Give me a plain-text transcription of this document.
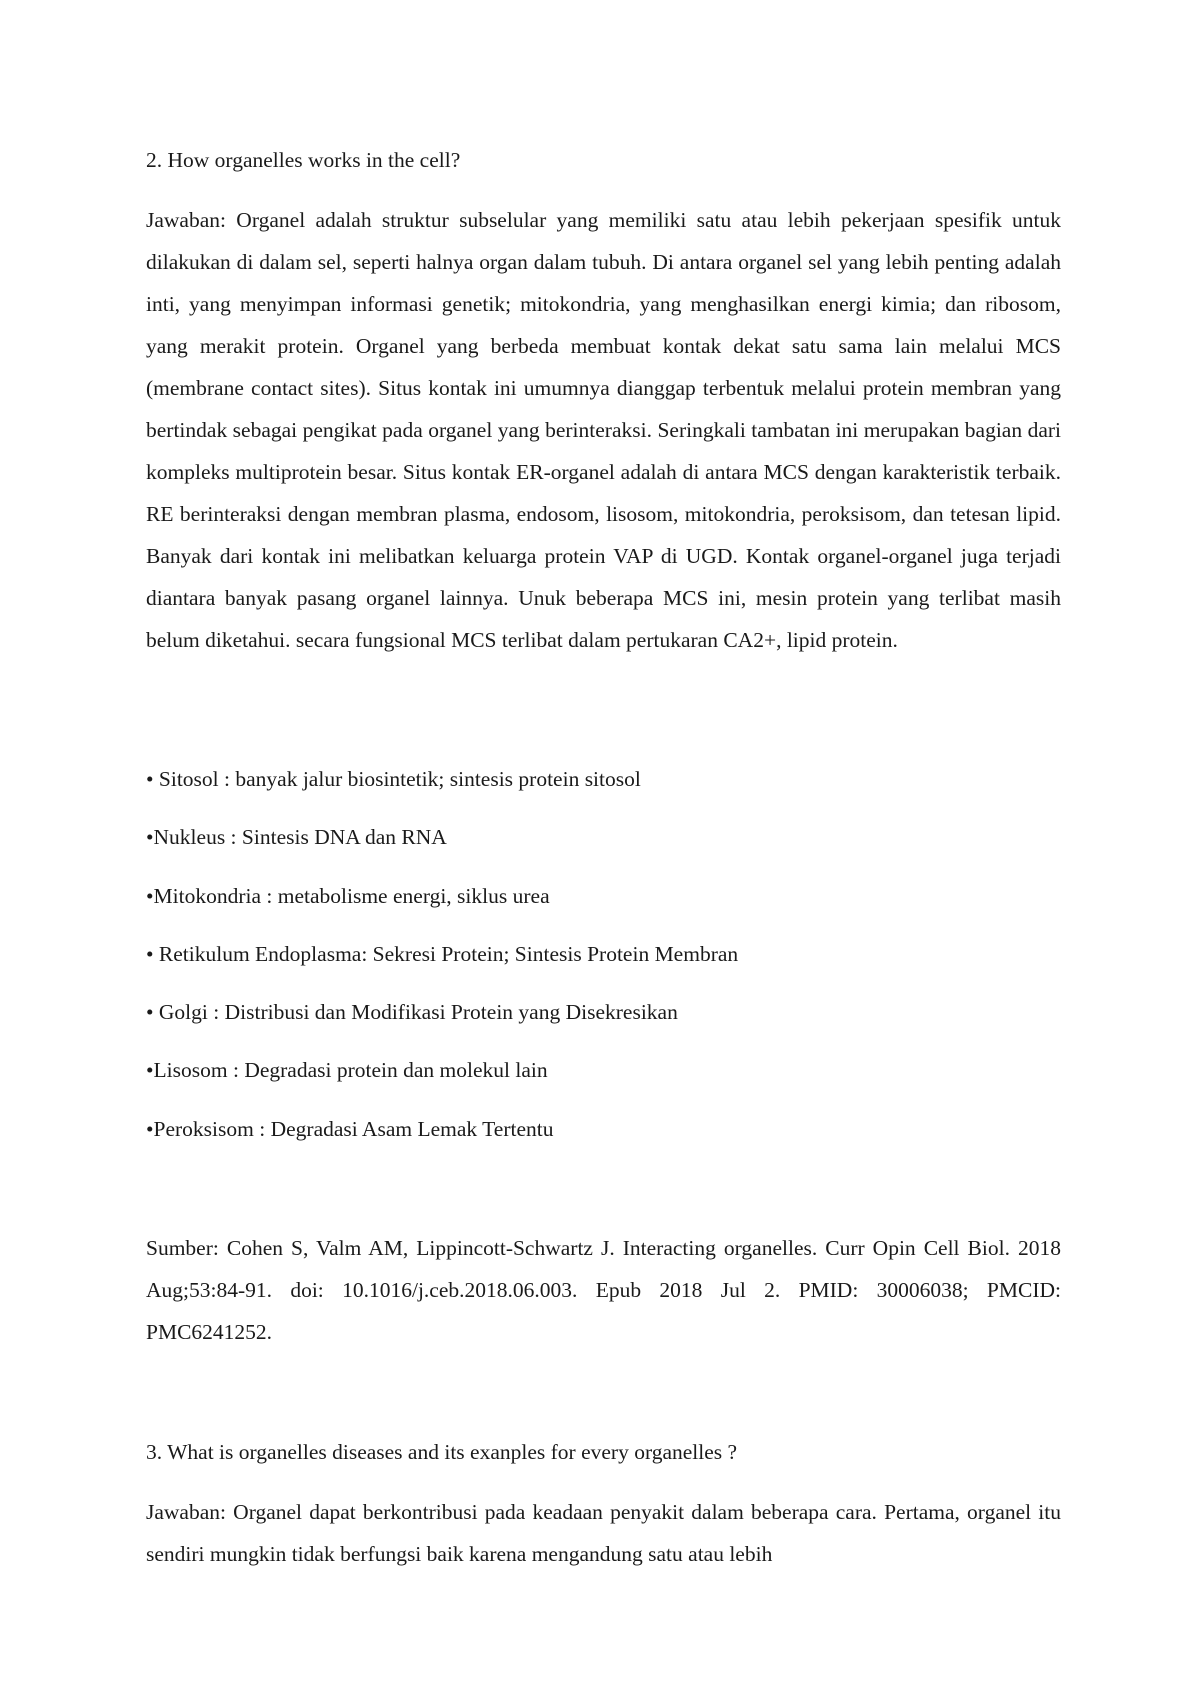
2. How organelles works in the cell?

Jawaban: Organel adalah struktur subselular yang memiliki satu atau lebih pekerjaan spesifik untuk dilakukan di dalam sel, seperti halnya organ dalam tubuh. Di antara organel sel yang lebih penting adalah inti, yang menyimpan informasi genetik; mitokondria, yang menghasilkan energi kimia; dan ribosom, yang merakit protein. Organel yang berbeda membuat kontak dekat satu sama lain melalui MCS (membrane contact sites). Situs kontak ini umumnya dianggap terbentuk melalui protein membran yang bertindak sebagai pengikat pada organel yang berinteraksi. Seringkali tambatan ini merupakan bagian dari kompleks multiprotein besar. Situs kontak ER-organel adalah di antara MCS dengan karakteristik terbaik. RE berinteraksi dengan membran plasma, endosom, lisosom, mitokondria, peroksisom, dan tetesan lipid. Banyak dari kontak ini melibatkan keluarga protein VAP di UGD. Kontak organel-organel juga terjadi diantara banyak pasang organel lainnya. Unuk beberapa MCS ini, mesin protein yang terlibat masih belum diketahui. secara fungsional MCS terlibat dalam pertukaran CA2+, lipid protein.

• Sitosol : banyak jalur biosintetik; sintesis protein sitosol
•Nukleus : Sintesis DNA dan RNA
•Mitokondria : metabolisme energi, siklus urea
• Retikulum Endoplasma: Sekresi Protein; Sintesis Protein Membran
• Golgi : Distribusi dan Modifikasi Protein yang Disekresikan
•Lisosom : Degradasi protein dan molekul lain
•Peroksisom : Degradasi Asam Lemak Tertentu

Sumber: Cohen S, Valm AM, Lippincott-Schwartz J. Interacting organelles. Curr Opin Cell Biol. 2018 Aug;53:84-91. doi: 10.1016/j.ceb.2018.06.003. Epub 2018 Jul 2. PMID: 30006038; PMCID: PMC6241252.

3. What is organelles diseases and its exanples for every organelles ?

Jawaban: Organel dapat berkontribusi pada keadaan penyakit dalam beberapa cara. Pertama, organel itu sendiri mungkin tidak berfungsi baik karena mengandung satu atau lebih
